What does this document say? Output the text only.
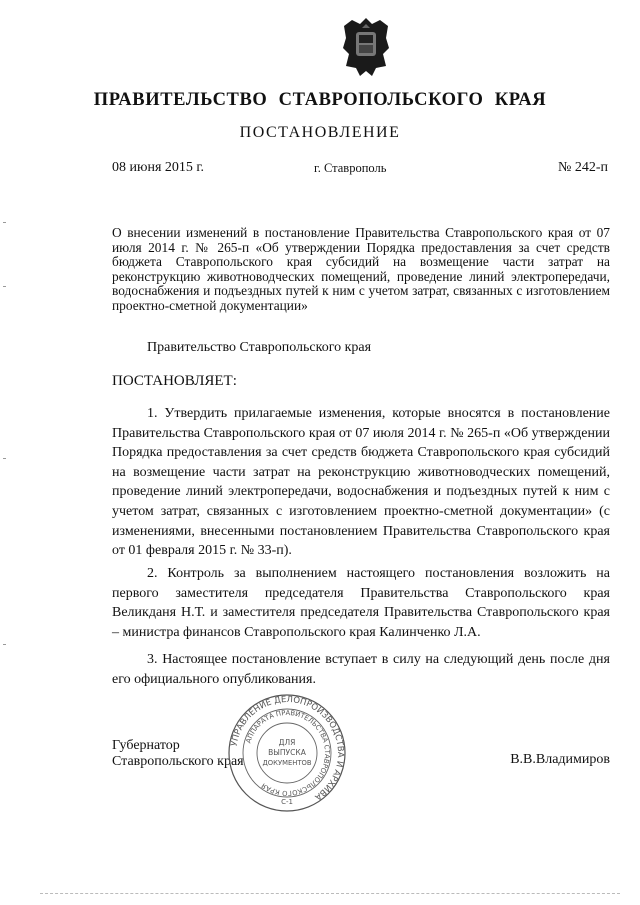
ПРАВИТЕЛЬСТВО СТАВРОПОЛЬСКОГО КРАЯ
ПОСТАНОВЛЕНИЕ
08 июня 2015 г.	г. Ставрополь	№ 242-п
О внесении изменений в постановление Правительства Ставропольского края от 07 июля 2014 г. № 265-п «Об утверждении Порядка предоставления за счет средств бюджета Ставропольского края субсидий на возмещение части затрат на реконструкцию животноводческих помещений, проведение линий электропередачи, водоснабжения и подъездных путей к ним с учетом затрат, связанных с изготовлением проектно-сметной документации»
Правительство Ставропольского края
ПОСТАНОВЛЯЕТ:

1. Утвердить прилагаемые изменения, которые вносятся в постановление Правительства Ставропольского края от 07 июля 2014 г. № 265-п «Об утверждении Порядка предоставления за счет средств бюджета Ставропольского края субсидий на возмещение части затрат на реконструкцию животноводческих помещений, проведение линий электропередачи, водоснабжения и подъездных путей к ним с учетом затрат, связанных с изготовлением проектно-сметной документации» (с изменениями, внесенными постановлением Правительства Ставропольского края от 01 февраля 2015 г. № 33-п).

2. Контроль за выполнением настоящего постановления возложить на первого заместителя председателя Правительства Ставропольского края Великданя Н.Т. и заместителя председателя Правительства Ставропольского края – министра финансов Ставропольского края Калинченко Л.А.

3. Настоящее постановление вступает в силу на следующий день после дня его официального опубликования.

Губернатор
Ставропольского края	В.В.Владимиров
УПРАВЛЕНИЕ ДЕЛОПРОИЗВОДСТВА И АРХИВА
АППАРАТА ПРАВИТЕЛЬСТВА СТАВРОПОЛЬСКОГО КРАЯ
ДЛЯ
ВЫПУСКА
ДОКУМЕНТОВ
С-1
